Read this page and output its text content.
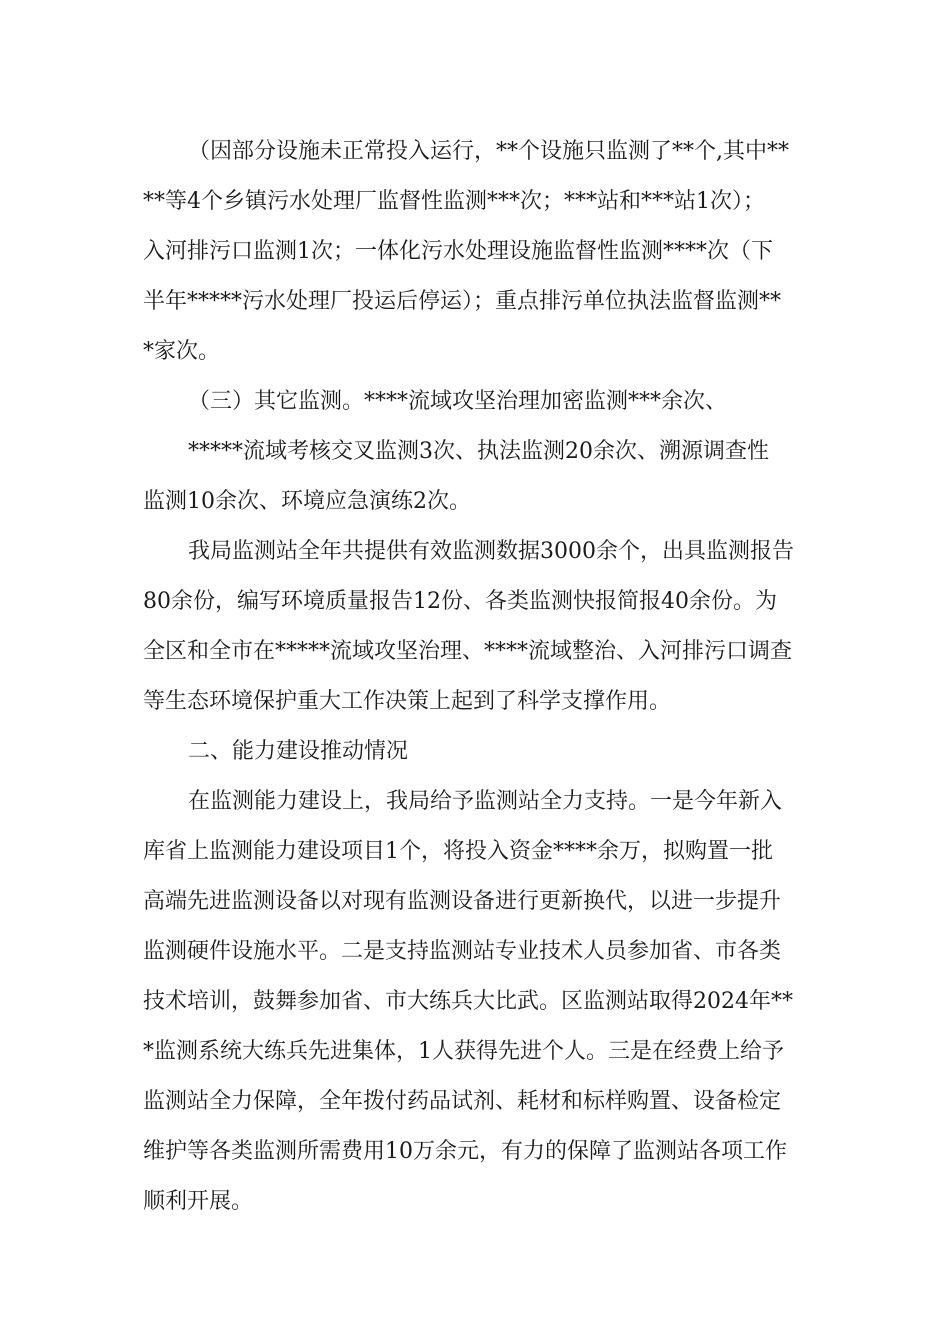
（因部分设施未正常投入运行，**个设施只监测了**个,其中**

**等4个乡镇污水处理厂监督性监测***次；***站和***站1次）；

入河排污口监测1次；一体化污水处理设施监督性监测****次（下

半年*****污水处理厂投运后停运）；重点排污单位执法监督监测**

*家次。

（三）其它监测。****流域攻坚治理加密监测***余次、

*****流域考核交叉监测3次、执法监测20余次、溯源调查性

监测10余次、环境应急演练2次。

我局监测站全年共提供有效监测数据3000余个，出具监测报告

80余份，编写环境质量报告12份、各类监测快报简报40余份。为

全区和全市在*****流域攻坚治理、****流域整治、入河排污口调查

等生态环境保护重大工作决策上起到了科学支撑作用。

二、能力建设推动情况

在监测能力建设上，我局给予监测站全力支持。一是今年新入

库省上监测能力建设项目1个，将投入资金****余万，拟购置一批

高端先进监测设备以对现有监测设备进行更新换代，以进一步提升

监测硬件设施水平。二是支持监测站专业技术人员参加省、市各类

技术培训，鼓舞参加省、市大练兵大比武。区监测站取得2024年**

*监测系统大练兵先进集体，1人获得先进个人。三是在经费上给予

监测站全力保障，全年拨付药品试剂、耗材和标样购置、设备检定

维护等各类监测所需费用10万余元，有力的保障了监测站各项工作

顺利开展。
